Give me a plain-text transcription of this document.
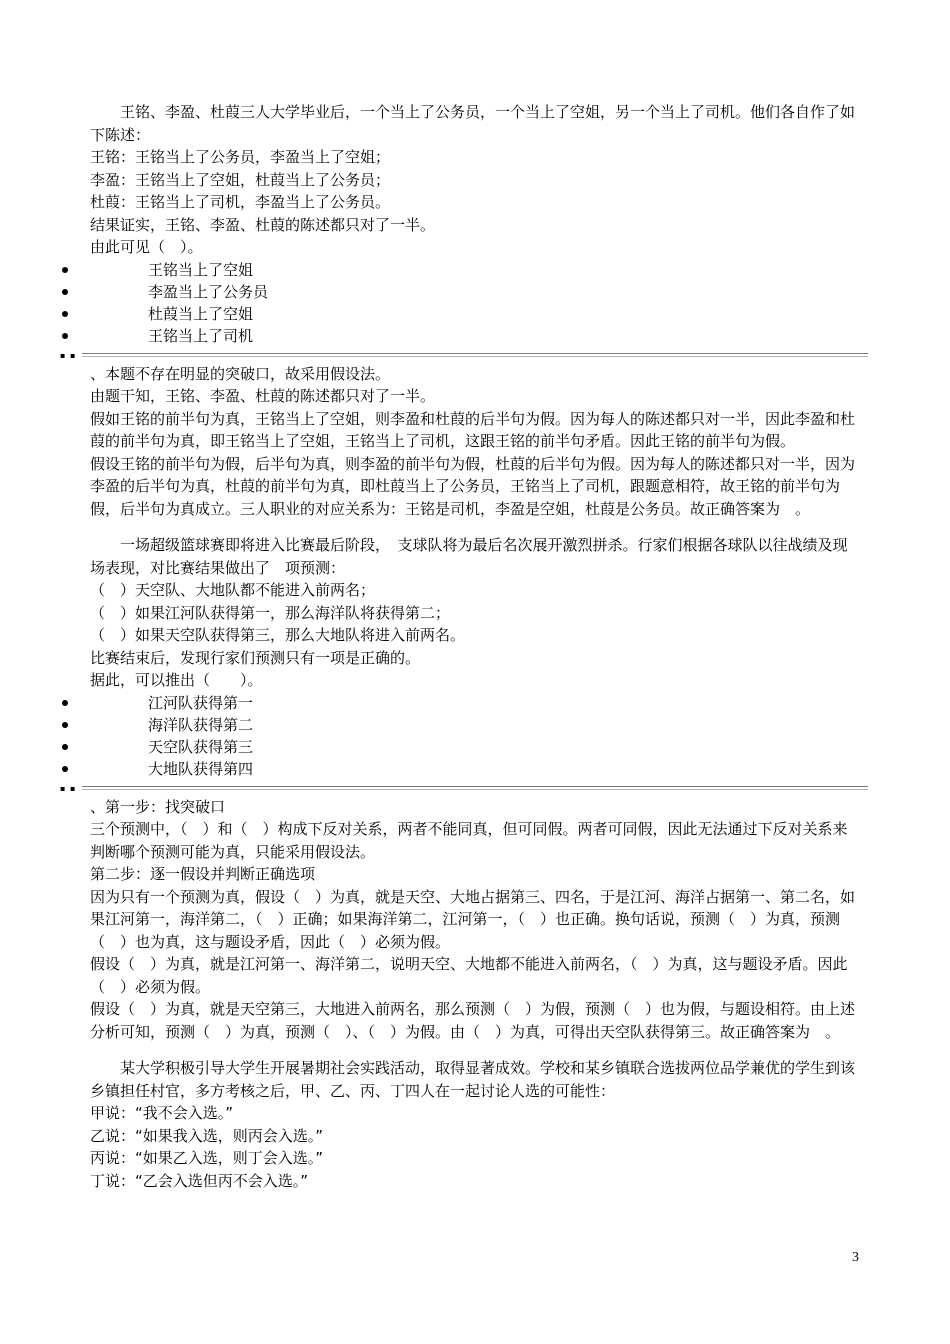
王铭、李盈、杜葭三人大学毕业后，一个当上了公务员，一个当上了空姐，另一个当上了司机。他们各自作了如下陈述：

王铭：王铭当上了公务员，李盈当上了空姐；

李盈：王铭当上了空姐，杜葭当上了公务员；

杜葭：王铭当上了司机，李盈当上了公务员。

结果证实，王铭、李盈、杜葭的陈述都只对了一半。

由此可见（　）。

王铭当上了空姐
李盈当上了公务员
杜葭当上了空姐
王铭当上了司机
▪ ▪

、本题不存在明显的突破口，故采用假设法。

由题干知，王铭、李盈、杜葭的陈述都只对了一半。

假如王铭的前半句为真，王铭当上了空姐，则李盈和杜葭的后半句为假。因为每人的陈述都只对一半，因此李盈和杜葭的前半句为真，即王铭当上了空姐，王铭当上了司机，这跟王铭的前半句矛盾。因此王铭的前半句为假。

假设王铭的前半句为假，后半句为真，则李盈的前半句为假，杜葭的后半句为假。因为每人的陈述都只对一半，因为李盈的后半句为真，杜葭的前半句为真，即杜葭当上了公务员，王铭当上了司机，跟题意相符，故王铭的前半句为假，后半句为真成立。三人职业的对应关系为：王铭是司机，李盈是空姐，杜葭是公务员。故正确答案为　。

一场超级篮球赛即将进入比赛最后阶段，　支球队将为最后名次展开激烈拼杀。行家们根据各球队以往战绩及现场表现，对比赛结果做出了　项预测：

（　）天空队、大地队都不能进入前两名；

（　）如果江河队获得第一，那么海洋队将获得第二；

（　）如果天空队获得第三，那么大地队将进入前两名。

比赛结束后，发现行家们预测只有一项是正确的。

据此，可以推出（　　）。

江河队获得第一
海洋队获得第二
天空队获得第三
大地队获得第四
▪ ▪

、第一步：找突破口

三个预测中，（　）和（　）构成下反对关系，两者不能同真，但可同假。两者可同假，因此无法通过下反对关系来判断哪个预测可能为真，只能采用假设法。

第二步：逐一假设并判断正确选项

因为只有一个预测为真，假设（　）为真，就是天空、大地占据第三、四名，于是江河、海洋占据第一、第二名，如果江河第一，海洋第二，（　）正确；如果海洋第二，江河第一，（　）也正确。换句话说，预测（　）为真，预测（　）也为真，这与题设矛盾，因此（　）必须为假。

假设（　）为真，就是江河第一、海洋第二，说明天空、大地都不能进入前两名，（　）为真，这与题设矛盾。因此（　）必须为假。

假设（　）为真，就是天空第三，大地进入前两名，那么预测（　）为假，预测（　）也为假，与题设相符。由上述分析可知，预测（　）为真，预测（　）、（　）为假。由（　）为真，可得出天空队获得第三。故正确答案为　。

某大学积极引导大学生开展暑期社会实践活动，取得显著成效。学校和某乡镇联合选拔两位品学兼优的学生到该乡镇担任村官，多方考核之后，甲、乙、丙、丁四人在一起讨论人选的可能性：

甲说：“我不会入选。”

乙说：“如果我入选，则丙会入选。”

丙说：“如果乙入选，则丁会入选。”

丁说：“乙会入选但丙不会入选。”

3
